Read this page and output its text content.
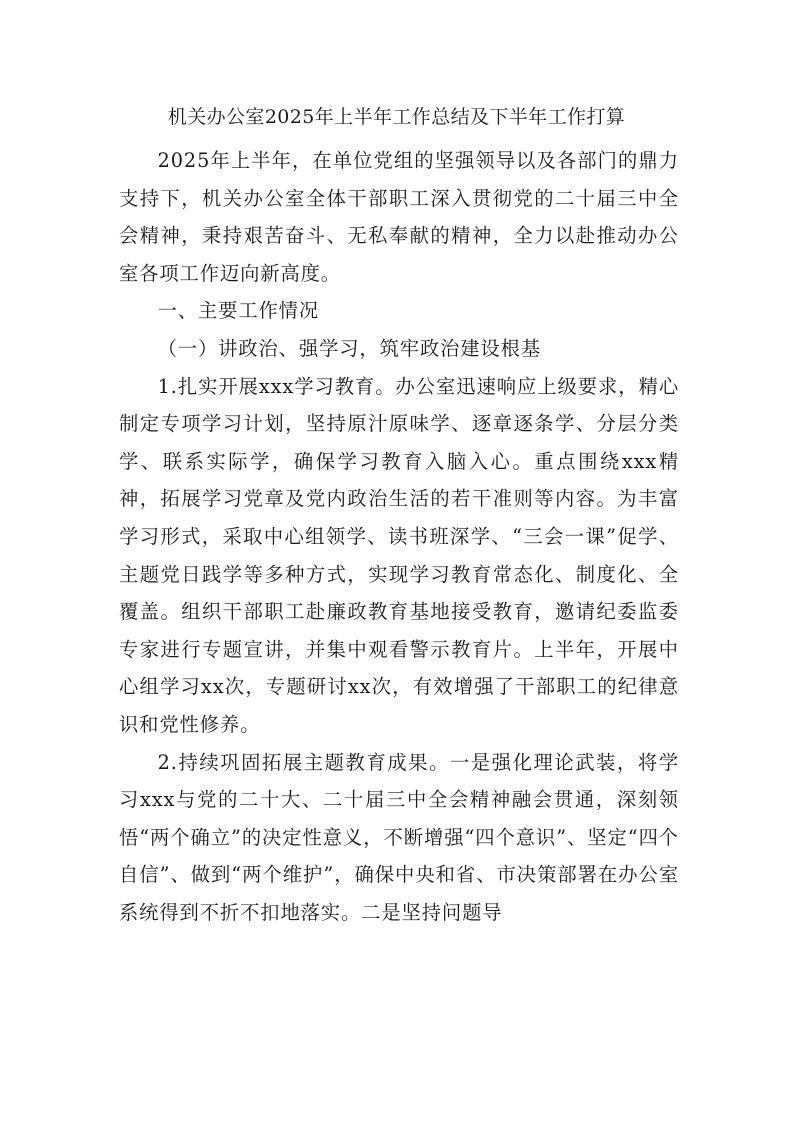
机关办公室2025年上半年工作总结及下半年工作打算

2025年上半年，在单位党组的坚强领导以及各部门的鼎力支持下，机关办公室全体干部职工深入贯彻党的二十届三中全会精神，秉持艰苦奋斗、无私奉献的精神，全力以赴推动办公室各项工作迈向新高度。

一、主要工作情况

（一）讲政治、强学习，筑牢政治建设根基

1.扎实开展xxx学习教育。办公室迅速响应上级要求，精心制定专项学习计划，坚持原汁原味学、逐章逐条学、分层分类学、联系实际学，确保学习教育入脑入心。重点围绕xxx精神，拓展学习党章及党内政治生活的若干准则等内容。为丰富学习形式，采取中心组领学、读书班深学、“三会一课”促学、主题党日践学等多种方式，实现学习教育常态化、制度化、全覆盖。组织干部职工赴廉政教育基地接受教育，邀请纪委监委专家进行专题宣讲，并集中观看警示教育片。上半年，开展中心组学习xx次，专题研讨xx次，有效增强了干部职工的纪律意识和党性修养。

2.持续巩固拓展主题教育成果。一是强化理论武装，将学习xxx与党的二十大、二十届三中全会精神融会贯通，深刻领悟“两个确立”的决定性意义，不断增强“四个意识”、坚定“四个自信”、做到“两个维护”，确保中央和省、市决策部署在办公室系统得到不折不扣地落实。二是坚持问题导
